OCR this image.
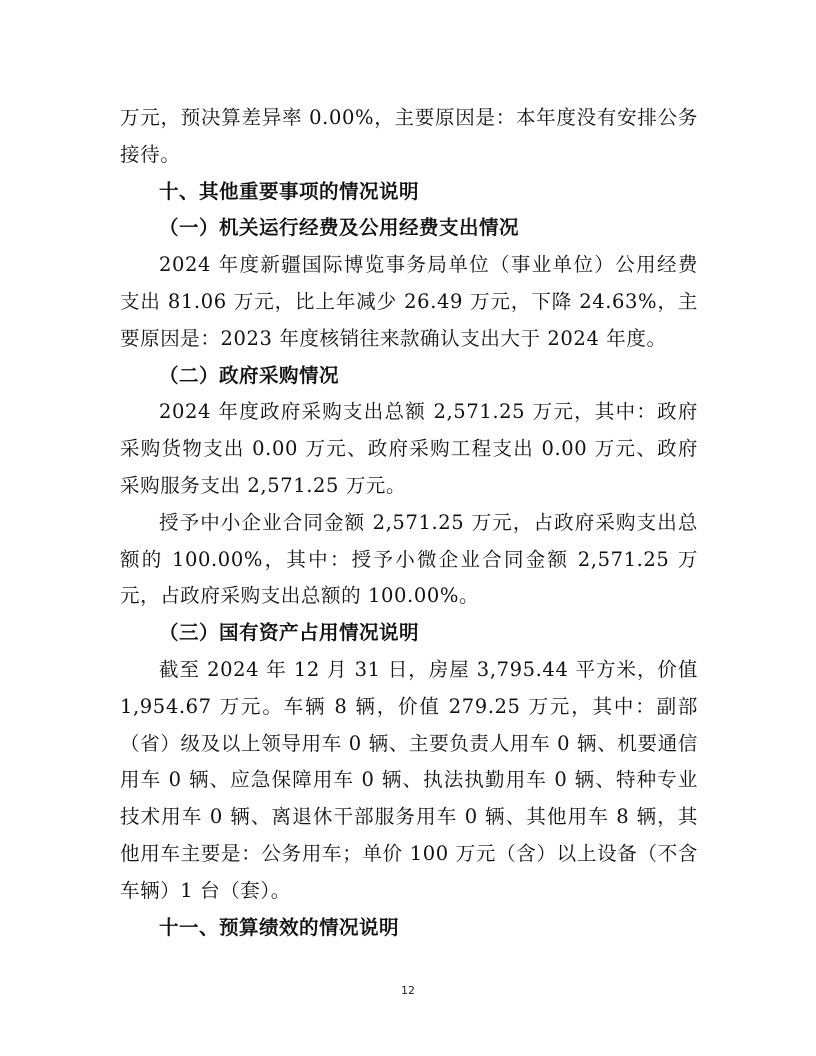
万元，预决算差异率 0.00%，主要原因是：本年度没有安排公务接待。

十、其他重要事项的情况说明

（一）机关运行经费及公用经费支出情况

2024 年度新疆国际博览事务局单位（事业单位）公用经费支出 81.06 万元，比上年减少 26.49 万元，下降 24.63%，主要原因是：2023 年度核销往来款确认支出大于 2024 年度。

（二）政府采购情况

2024 年度政府采购支出总额 2,571.25 万元，其中：政府采购货物支出 0.00 万元、政府采购工程支出 0.00 万元、政府采购服务支出 2,571.25 万元。

授予中小企业合同金额 2,571.25 万元，占政府采购支出总额的 100.00%，其中：授予小微企业合同金额 2,571.25 万元，占政府采购支出总额的 100.00%。

（三）国有资产占用情况说明

截至 2024 年 12 月 31 日，房屋 3,795.44 平方米，价值 1,954.67 万元。车辆 8 辆，价值 279.25 万元，其中：副部（省）级及以上领导用车 0 辆、主要负责人用车 0 辆、机要通信用车 0 辆、应急保障用车 0 辆、执法执勤用车 0 辆、特种专业技术用车 0 辆、离退休干部服务用车 0 辆、其他用车 8 辆，其他用车主要是：公务用车；单价 100 万元（含）以上设备（不含车辆）1 台（套）。

十一、预算绩效的情况说明

12
